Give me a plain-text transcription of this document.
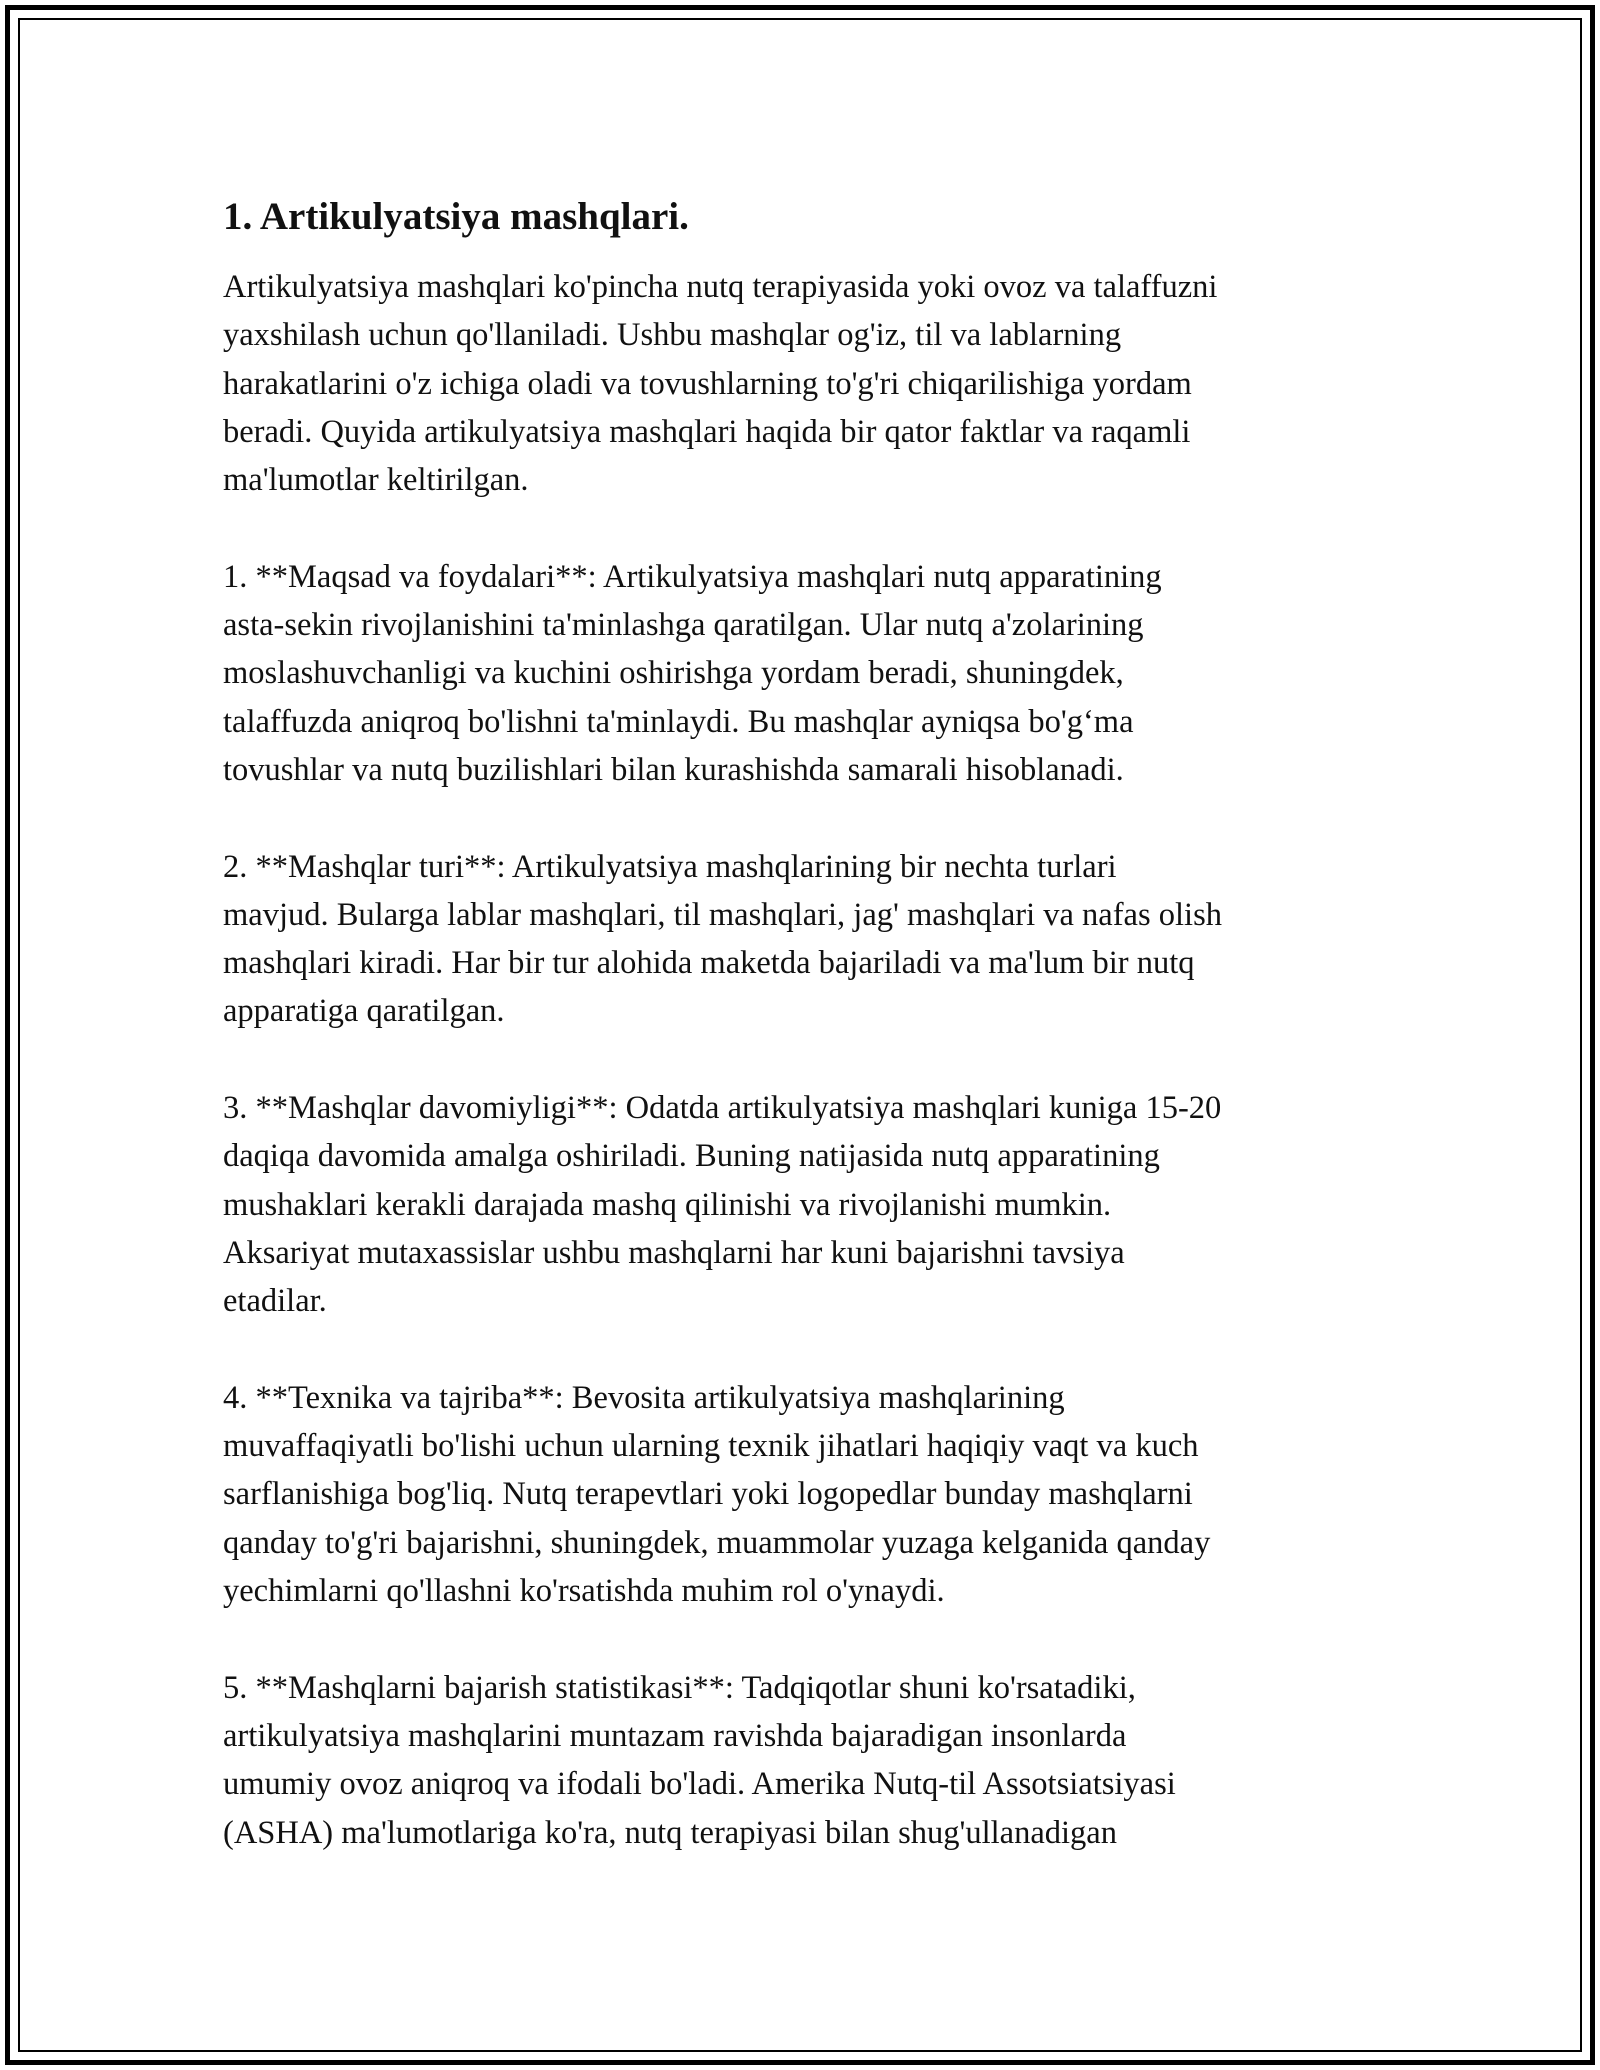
1. Artikulyatsiya mashqlari.

Artikulyatsiya mashqlari ko'pincha nutq terapiyasida yoki ovoz va talaffuzni
yaxshilash uchun qo'llaniladi. Ushbu mashqlar og'iz, til va lablarning
harakatlarini o'z ichiga oladi va tovushlarning to'g'ri chiqarilishiga yordam
beradi. Quyida artikulyatsiya mashqlari haqida bir qator faktlar va raqamli
ma'lumotlar keltirilgan.

1. **Maqsad va foydalari**: Artikulyatsiya mashqlari nutq apparatining
asta-sekin rivojlanishini ta'minlashga qaratilgan. Ular nutq a'zolarining
moslashuvchanligi va kuchini oshirishga yordam beradi, shuningdek,
talaffuzda aniqroq bo'lishni ta'minlaydi. Bu mashqlar ayniqsa bo'g‘ma
tovushlar va nutq buzilishlari bilan kurashishda samarali hisoblanadi.

2. **Mashqlar turi**: Artikulyatsiya mashqlarining bir nechta turlari
mavjud. Bularga lablar mashqlari, til mashqlari, jag' mashqlari va nafas olish
mashqlari kiradi. Har bir tur alohida maketda bajariladi va ma'lum bir nutq
apparatiga qaratilgan.

3. **Mashqlar davomiyligi**: Odatda artikulyatsiya mashqlari kuniga 15-20
daqiqa davomida amalga oshiriladi. Buning natijasida nutq apparatining
mushaklari kerakli darajada mashq qilinishi va rivojlanishi mumkin.
Aksariyat mutaxassislar ushbu mashqlarni har kuni bajarishni tavsiya
etadilar.

4. **Texnika va tajriba**: Bevosita artikulyatsiya mashqlarining
muvaffaqiyatli bo'lishi uchun ularning texnik jihatlari haqiqiy vaqt va kuch
sarflanishiga bog'liq. Nutq terapevtlari yoki logopedlar bunday mashqlarni
qanday to'g'ri bajarishni, shuningdek, muammolar yuzaga kelganida qanday
yechimlarni qo'llashni ko'rsatishda muhim rol o'ynaydi.

5. **Mashqlarni bajarish statistikasi**: Tadqiqotlar shuni ko'rsatadiki,
artikulyatsiya mashqlarini muntazam ravishda bajaradigan insonlarda
umumiy ovoz aniqroq va ifodali bo'ladi. Amerika Nutq-til Assotsiatsiyasi
(ASHA) ma'lumotlariga ko'ra, nutq terapiyasi bilan shug'ullanadigan
